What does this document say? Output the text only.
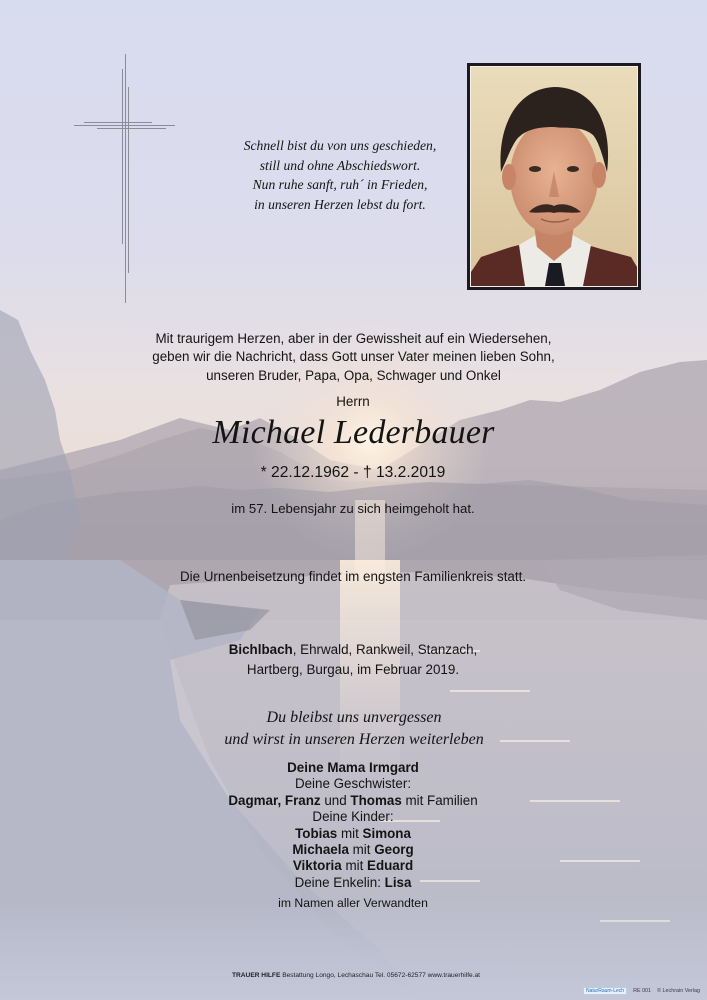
Schnell bist du von uns geschieden,
still und ohne Abschiedswort.
Nun ruhe sanft, ruh´ in Frieden,
in unseren Herzen lebst du fort.
Mit traurigem Herzen, aber in der Gewissheit auf ein Wiedersehen,
geben wir die Nachricht, dass Gott unser Vater meinen lieben Sohn,
unseren Bruder, Papa, Opa, Schwager und Onkel
Herrn
Michael Lederbauer
* 22.12.1962 - † 13.2.2019
im 57. Lebensjahr zu sich heimgeholt hat.
Die Urnenbeisetzung findet im engsten Familienkreis statt.
Bichlbach, Ehrwald, Rankweil, Stanzach,
Hartberg, Burgau, im Februar 2019.
Du bleibst uns unvergessen
und wirst in unseren Herzen weiterleben
Deine Mama Irmgard
Deine Geschwister:
Dagmar, Franz und Thomas mit Familien
Deine Kinder:
Tobias mit Simona
Michaela mit Georg
Viktoria mit Eduard
Deine Enkelin: Lisa
im Namen aller Verwandten
TRAUER HILFE Bestattung Longo, Lechaschau Tel. 05672-62577 www.trauerhilfe.at
NaturRaum-Lech	RE 001 © Lechrain Verlag
